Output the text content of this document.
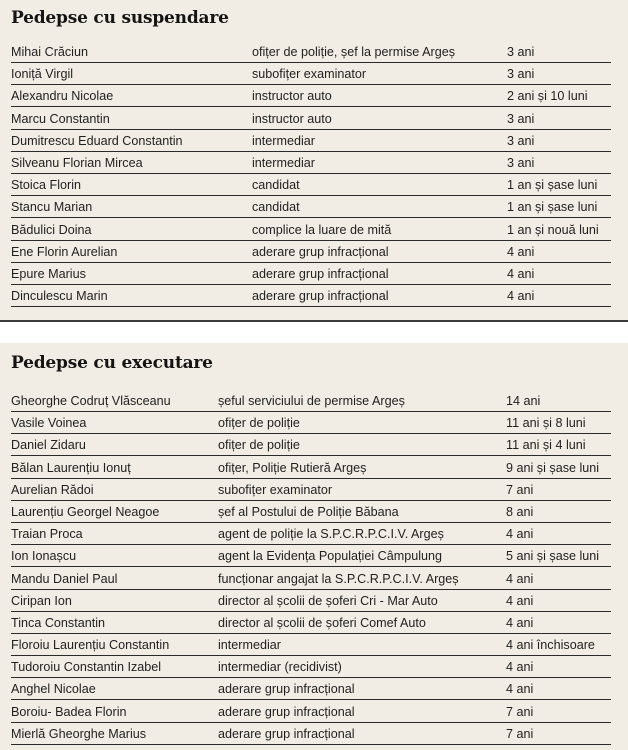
Pedepse cu suspendare
Mihai Crăciun	ofițer de poliție, șef la permise Argeș	3 ani
Ioniță Virgil	subofițer examinator	3 ani
Alexandru Nicolae	instructor auto	2 ani și 10 luni
Marcu Constantin	instructor auto	3 ani
Dumitrescu Eduard Constantin	intermediar	3 ani
Silveanu Florian Mircea	intermediar	3 ani
Stoica Florin	candidat	1 an și șase luni
Stancu Marian	candidat	1 an și șase luni
Bădulici Doina	complice la luare de mită	1 an și nouă luni
Ene Florin Aurelian	aderare grup infracțional	4 ani
Epure Marius	aderare grup infracțional	4 ani
Dinculescu Marin	aderare grup infracțional	4 ani
Pedepse cu executare
Gheorghe Codruț Vlăsceanu	șeful serviciului de permise Argeș	14 ani
Vasile Voinea	ofițer de poliție	11 ani și 8 luni
Daniel Zidaru	ofițer de poliție	11 ani și 4 luni
Bălan Laurențiu Ionuț	ofițer, Poliție Rutieră Argeș	9 ani și șase luni
Aurelian Rădoi	subofițer examinator	7 ani
Laurențiu Georgel Neagoe	șef al Postului de Poliție Băbana	8 ani
Traian Proca	agent de poliție la S.P.C.R.P.C.I.V. Argeș	4 ani
Ion Ionașcu	agent la Evidența Populației Câmpulung	5 ani și șase luni
Mandu Daniel Paul	funcționar angajat la S.P.C.R.P.C.I.V. Argeș	4 ani
Ciripan Ion	director al școlii de șoferi Cri - Mar Auto	4 ani
Tinca Constantin	director al școlii de șoferi Comef Auto	4 ani
Floroiu Laurențiu Constantin	intermediar	4 ani închisoare
Tudoroiu Constantin Izabel	intermediar (recidivist)	4 ani
Anghel Nicolae	aderare grup infracțional	4 ani
Boroiu- Badea Florin	aderare grup infracțional	7 ani
Mierlă Gheorghe Marius	aderare grup infracțional	7 ani
